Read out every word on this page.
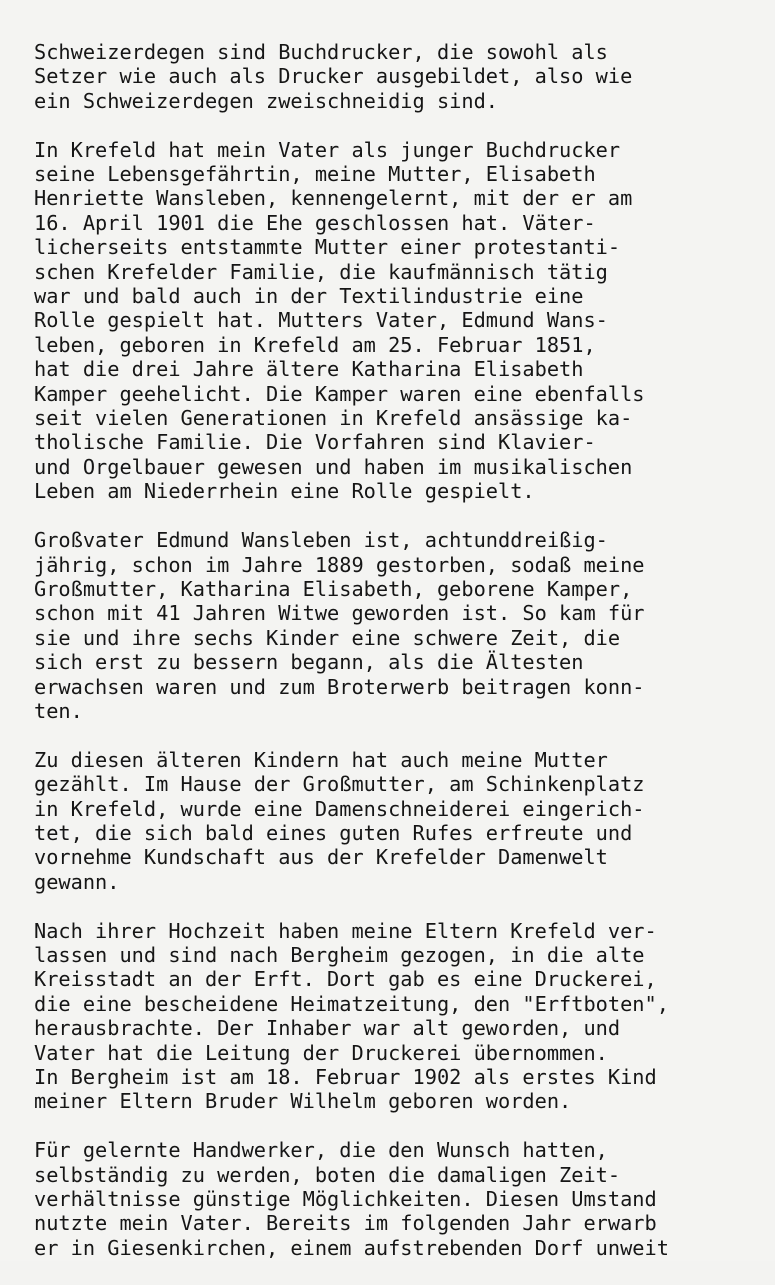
Schweizerdegen sind Buchdrucker, die sowohl als
Setzer wie auch als Drucker ausgebildet, also wie
ein Schweizerdegen zweischneidig sind.
In Krefeld hat mein Vater als junger Buchdrucker
seine Lebensgefährtin, meine Mutter, Elisabeth
Henriette Wansleben, kennengelernt, mit der er am
16. April 1901 die Ehe geschlossen hat. Väter-
licherseits entstammte Mutter einer protestanti-
schen Krefelder Familie, die kaufmännisch tätig
war und bald auch in der Textilindustrie eine
Rolle gespielt hat. Mutters Vater, Edmund Wans-
leben, geboren in Krefeld am 25. Februar 1851,
hat die drei Jahre ältere Katharina Elisabeth
Kamper geehelicht. Die Kamper waren eine ebenfalls
seit vielen Generationen in Krefeld ansässige ka-
tholische Familie. Die Vorfahren sind Klavier-
und Orgelbauer gewesen und haben im musikalischen
Leben am Niederrhein eine Rolle gespielt.
Großvater Edmund Wansleben ist, achtunddreißig-
jährig, schon im Jahre 1889 gestorben, sodaß meine
Großmutter, Katharina Elisabeth, geborene Kamper,
schon mit 41 Jahren Witwe geworden ist. So kam für
sie und ihre sechs Kinder eine schwere Zeit, die
sich erst zu bessern begann, als die Ältesten
erwachsen waren und zum Broterwerb beitragen konn-
ten.
Zu diesen älteren Kindern hat auch meine Mutter
gezählt. Im Hause der Großmutter, am Schinkenplatz
in Krefeld, wurde eine Damenschneiderei eingerich-
tet, die sich bald eines guten Rufes erfreute und
vornehme Kundschaft aus der Krefelder Damenwelt
gewann.
Nach ihrer Hochzeit haben meine Eltern Krefeld ver-
lassen und sind nach Bergheim gezogen, in die alte
Kreisstadt an der Erft. Dort gab es eine Druckerei,
die eine bescheidene Heimatzeitung, den "Erftboten",
herausbrachte. Der Inhaber war alt geworden, und
Vater hat die Leitung der Druckerei übernommen.
In Bergheim ist am 18. Februar 1902 als erstes Kind
meiner Eltern Bruder Wilhelm geboren worden.
Für gelernte Handwerker, die den Wunsch hatten,
selbständig zu werden, boten die damaligen Zeit-
verhältnisse günstige Möglichkeiten. Diesen Umstand
nutzte mein Vater. Bereits im folgenden Jahr erwarb
er in Giesenkirchen, einem aufstrebenden Dorf unweit
